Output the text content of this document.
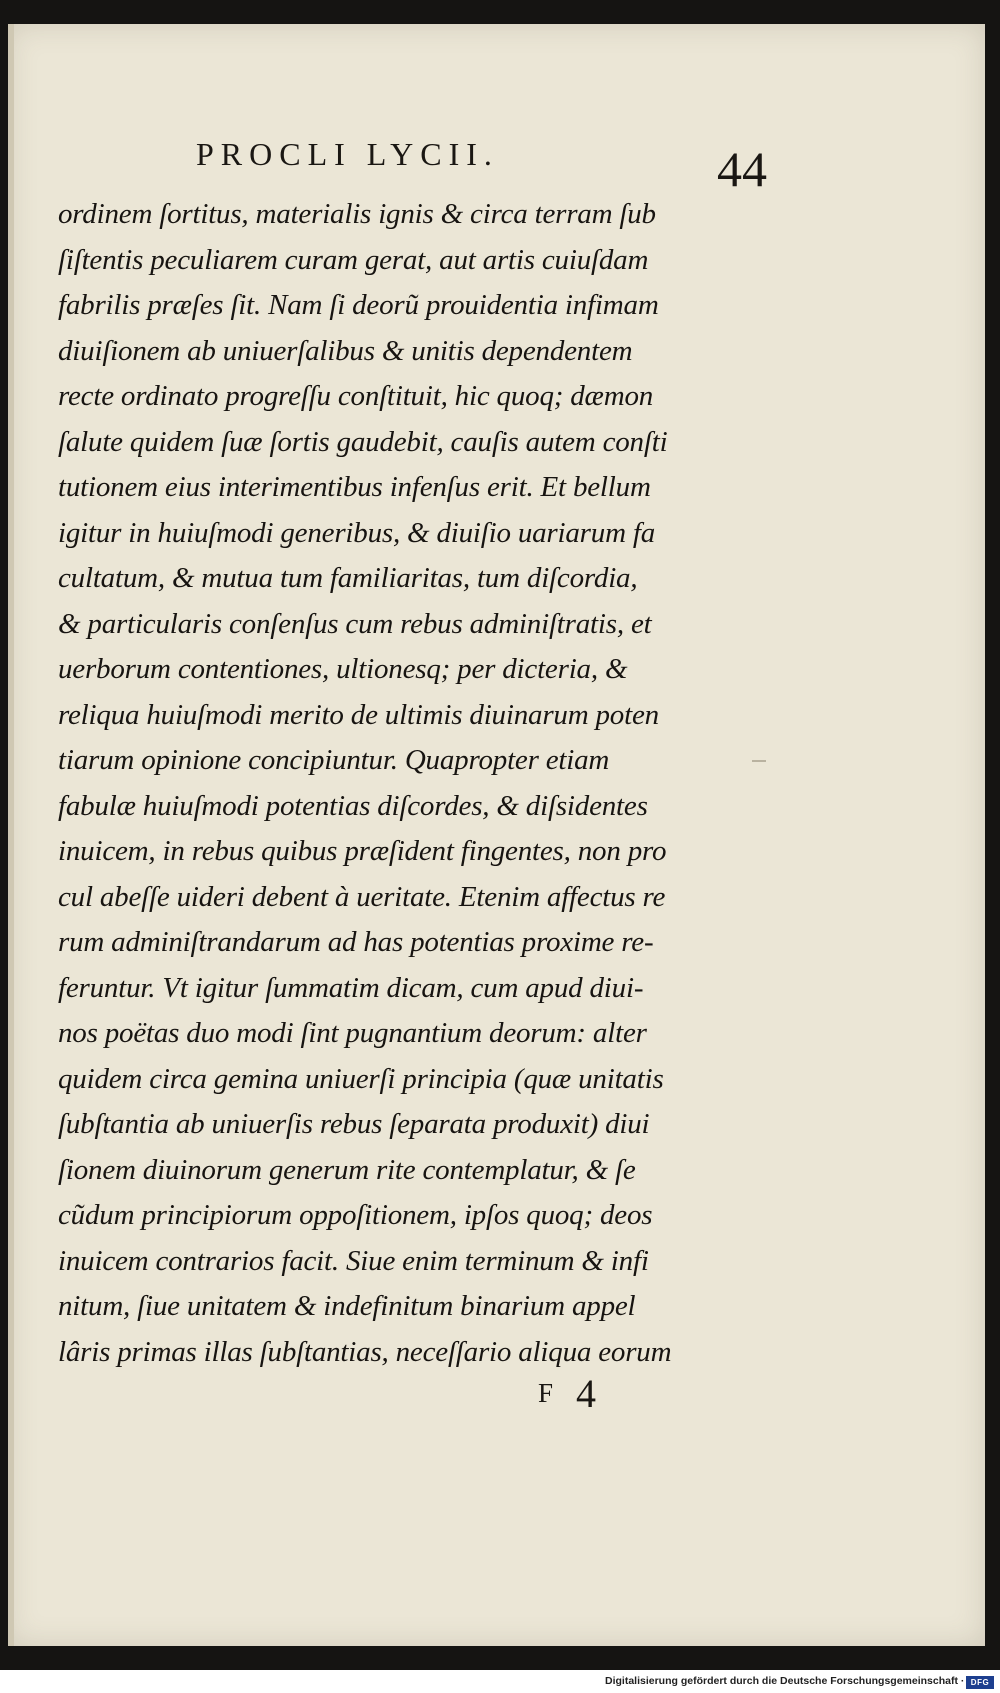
PROCLI LYCII.	44
ordinem ſortitus, materialis ignis & circa terram ſub
ſiſtentis peculiarem curam gerat, aut artis cuiuſdam
fabrilis præſes ſit. Nam ſi deorũ prouidentia infimam
diuiſionem ab uniuerſalibus & unitis dependentem
recte ordinato progreſſu conſtituit, hic quoq; dæmon
ſalute quidem ſuæ ſortis gaudebit, cauſis autem conſti
tutionem eius interimentibus infenſus erit. Et bellum
igitur in huiuſmodi generibus, & diuiſio uariarum fa
cultatum, & mutua tum familiaritas, tum diſcordia,
& particularis conſenſus cum rebus adminiſtratis, et
uerborum contentiones, ultionesq; per dicteria, &
reliqua huiuſmodi merito de ultimis diuinarum poten
tiarum opinione concipiuntur. Quapropter etiam
fabulæ huiuſmodi potentias diſcordes, & diſsidentes
inuicem, in rebus quibus præſident fingentes, non pro
cul abeſſe uideri debent à ueritate. Etenim affectus re
rum adminiſtrandarum ad has potentias proxime re-
feruntur. Vt igitur ſummatim dicam, cum apud diui-
nos poëtas duo modi ſint pugnantium deorum: alter
quidem circa gemina uniuerſi principia (quæ unitatis
ſubſtantia ab uniuerſis rebus ſeparata produxit) diui
ſionem diuinorum generum rite contemplatur, & ſe
cũdum principiorum oppoſitionem, ipſos quoq; deos
inuicem contrarios facit. Siue enim terminum & infi
nitum, ſiue unitatem & indefinitum binarium appel
lâris primas illas ſubſtantias, neceſſario aliqua eorum
F 4
Digitalisierung gefördert durch die Deutsche Forschungsgemeinschaft · DFG
